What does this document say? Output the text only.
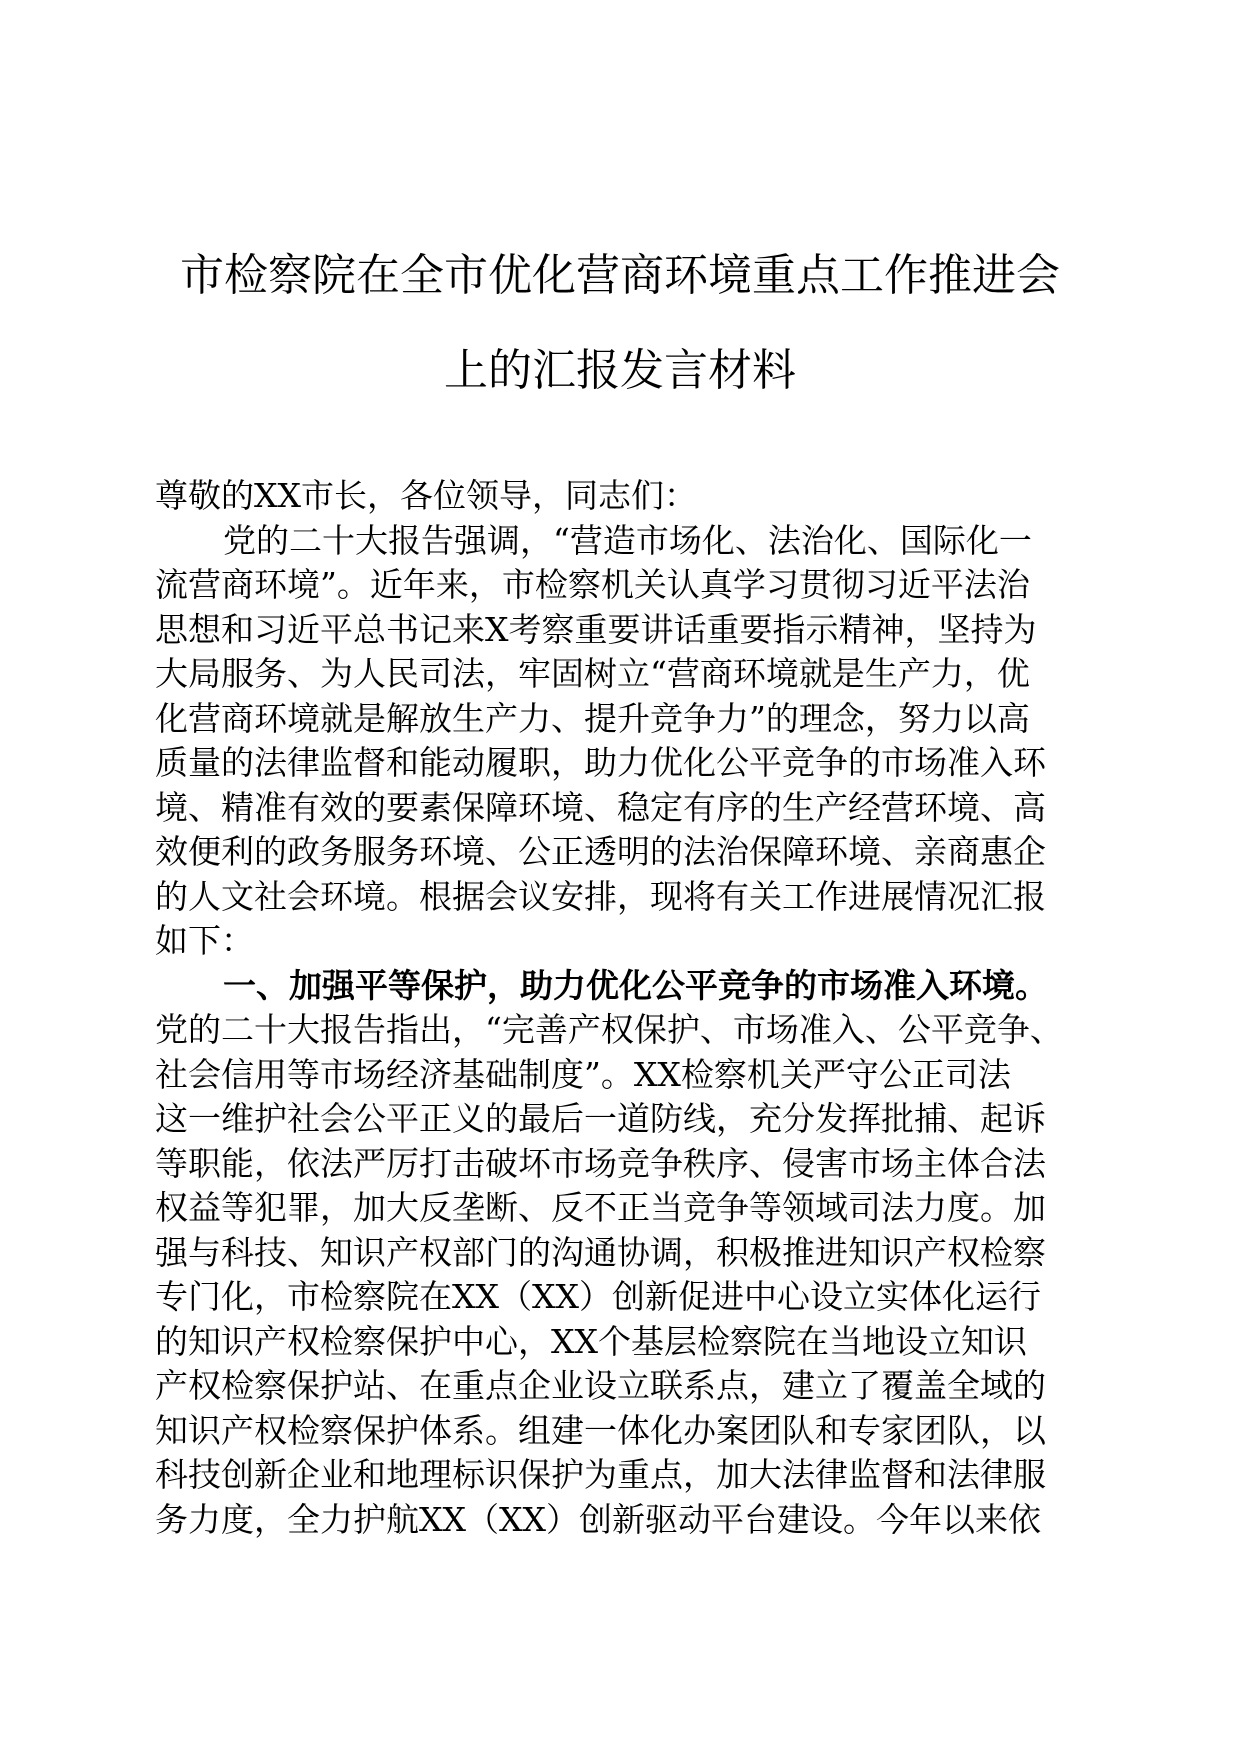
市检察院在全市优化营商环境重点工作推进会
上的汇报发言材料
尊敬的XX市长，各位领导，同志们：
党的二十大报告强调，“营造市场化、法治化、国际化一
流营商环境”。近年来，市检察机关认真学习贯彻习近平法治
思想和习近平总书记来X考察重要讲话重要指示精神，坚持为
大局服务、为人民司法，牢固树立“营商环境就是生产力，优
化营商环境就是解放生产力、提升竞争力”的理念，努力以高
质量的法律监督和能动履职，助力优化公平竞争的市场准入环
境、精准有效的要素保障环境、稳定有序的生产经营环境、高
效便利的政务服务环境、公正透明的法治保障环境、亲商惠企
的人文社会环境。根据会议安排，现将有关工作进展情况汇报
如下：
一、加强平等保护，助力优化公平竞争的市场准入环境。
党的二十大报告指出，“完善产权保护、市场准入、公平竞争、
社会信用等市场经济基础制度”。XX检察机关严守公正司法
这一维护社会公平正义的最后一道防线，充分发挥批捕、起诉
等职能，依法严厉打击破坏市场竞争秩序、侵害市场主体合法
权益等犯罪，加大反垄断、反不正当竞争等领域司法力度。加
强与科技、知识产权部门的沟通协调，积极推进知识产权检察
专门化，市检察院在XX（XX）创新促进中心设立实体化运行
的知识产权检察保护中心，XX个基层检察院在当地设立知识
产权检察保护站、在重点企业设立联系点，建立了覆盖全域的
知识产权检察保护体系。组建一体化办案团队和专家团队，以
科技创新企业和地理标识保护为重点，加大法律监督和法律服
务力度，全力护航XX（XX）创新驱动平台建设。今年以来依
